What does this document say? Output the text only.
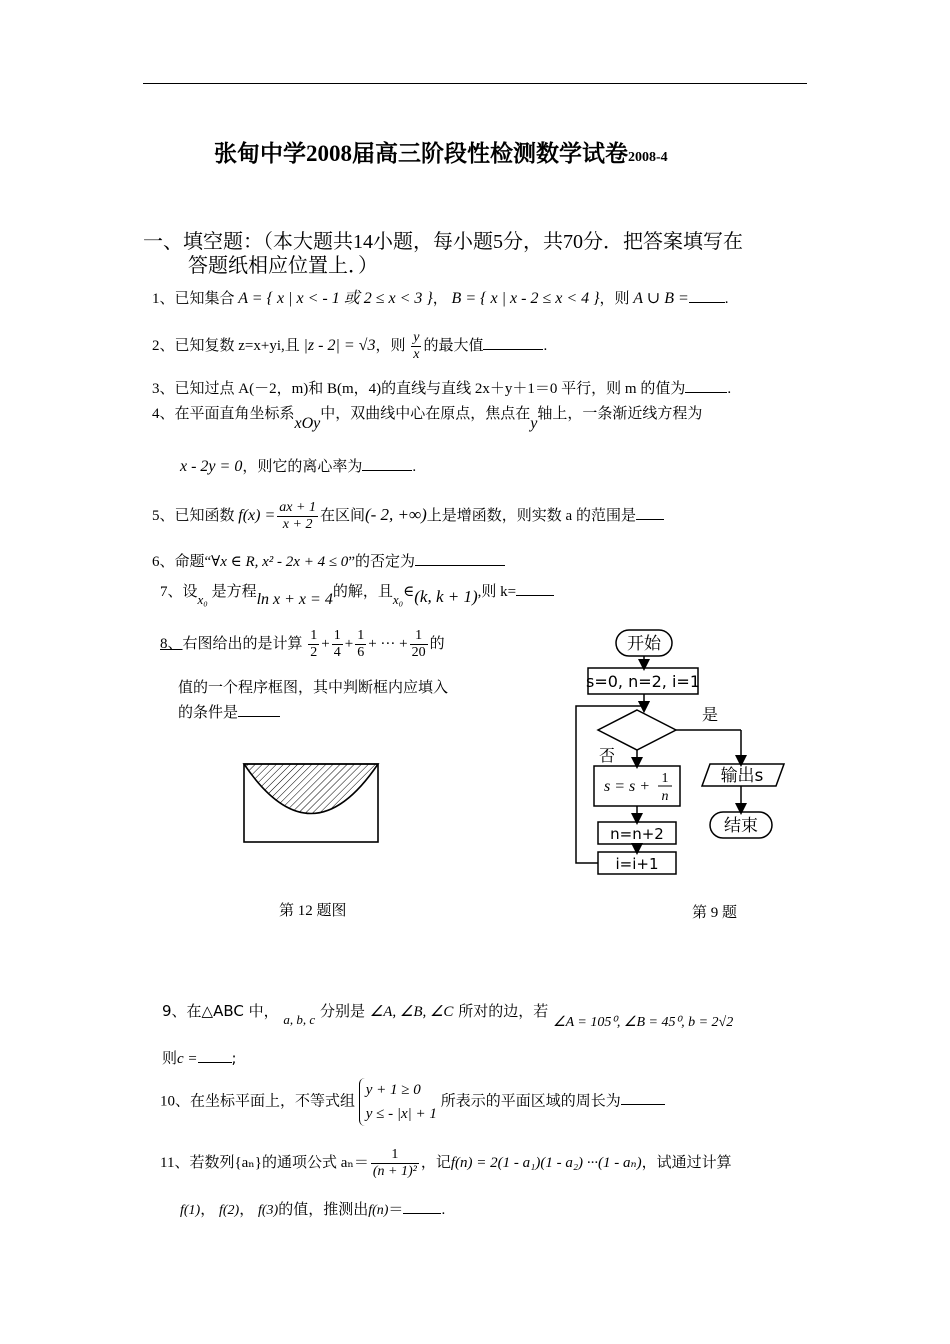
张甸中学2008届高三阶段性检测数学试卷2008-4
一、填空题：（本大题共14小题，每小题5分，共70分．把答案填写在
答题纸相应位置上．）
1、已知集合 A = { x | x < - 1 或 2 ≤ x < 3 }， B = { x | x - 2 ≤ x < 4 }，则 A ∪ B = .
2、已知复数 z=x+yi,且 |z - 2| = √3，则 $\frac{y}{x}$ 的最大值	.
3、已知过点 A(－2，m)和 B(m，4)的直线与直线 2x＋y＋1＝0 平行，则 m 的值为	.
4、在平面直角坐标系xOy中，双曲线中心在原点，焦点在y轴上，一条渐近线方程为
x - 2y = 0，则它的离心率为	.
5、已知函数 $f(x) = \frac{ax + 1}{x + 2}$ 在区间(- 2, +∞)上是增函数，则实数 a 的范围是
6、命题“∀x ∈ R, x² - 2x + 4 ≤ 0”的否定为
7、设x₀ 是方程ln x + x = 4的解，且x₀∈(k, k + 1),则 k=
8、右图给出的是计算 $\frac{1}{2} + \frac{1}{4} + \frac{1}{6}$ + ··· + $\frac{1}{20}$ 的
值的一个程序框图，其中判断框内应填入
的条件是
第 12 题图
开始
s=0, n=2, i=1
是
否
输出s
结束
s = s + 1
n
n=n+2
i=i+1
第 9 题
9、在△ABC 中， a, b, c 分别是 ∠A, ∠B, ∠C 所对的边，若 ∠A = 105⁰, ∠B = 45⁰, b = 2√2
则c = ;
10、在坐标平面上，不等式组
y + 1 ≥ 0
y ≤ - |x| + 1
所表示的平面区域的周长为
11、若数列{aₙ}的通项公式 $a_n= \frac{1}{\text{(n + 1)²}}$ ，记f(n) = 2(1 - a₁)(1 - a₂) ···(1 - aₙ)，试通过计算
f(1)， f(2)， f(3)的值，推测出f(n)＝	.
